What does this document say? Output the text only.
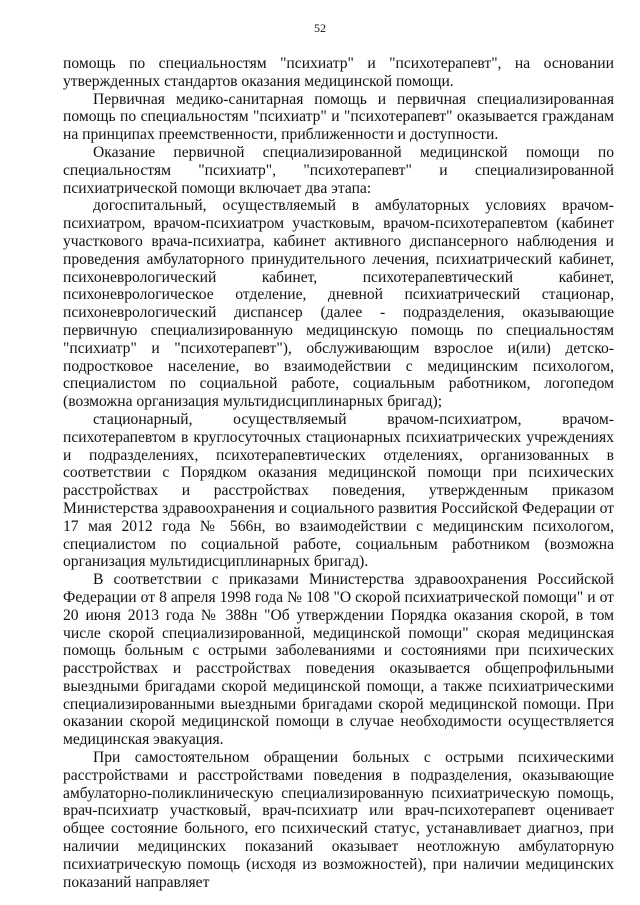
52

помощь по специальностям "психиатр" и "психотерапевт", на основании утвержденных стандартов оказания медицинской помощи.

Первичная медико-санитарная помощь и первичная специализированная помощь по специальностям "психиатр" и "психотерапевт" оказывается гражданам на принципах преемственности, приближенности и доступности.

Оказание первичной специализированной медицинской помощи по специальностям "психиатр", "психотерапевт" и специализированной психиатрической помощи включает два этапа:

догоспитальный, осуществляемый в амбулаторных условиях врачом-психиатром, врачом-психиатром участковым, врачом-психотерапевтом (кабинет участкового врача-психиатра, кабинет активного диспансерного наблюдения и проведения амбулаторного принудительного лечения, психиатрический кабинет, психоневрологический кабинет, психотерапевтический кабинет, психоневрологическое отделение, дневной психиатрический стационар, психоневрологический диспансер (далее - подразделения, оказывающие первичную специализированную медицинскую помощь по специальностям "психиатр" и "психотерапевт"), обслуживающим взрослое и(или) детско-подростковое население, во взаимодействии с медицинским психологом, специалистом по социальной работе, социальным работником, логопедом (возможна организация мультидисциплинарных бригад);

стационарный, осуществляемый врачом-психиатром, врачом-психотерапевтом в круглосуточных стационарных психиатрических учреждениях и подразделениях, психотерапевтических отделениях, организованных в соответствии с Порядком оказания медицинской помощи при психических расстройствах и расстройствах поведения, утвержденным приказом Министерства здравоохранения и социального развития Российской Федерации от 17 мая 2012 года № 566н, во взаимодействии с медицинским психологом, специалистом по социальной работе, социальным работником (возможна организация мультидисциплинарных бригад).

В соответствии с приказами Министерства здравоохранения Российской Федерации от 8 апреля 1998 года № 108 "О скорой психиатрической помощи" и от 20 июня 2013 года № 388н "Об утверждении Порядка оказания скорой, в том числе скорой специализированной, медицинской помощи" скорая медицинская помощь больным с острыми заболеваниями и состояниями при психических расстройствах и расстройствах поведения оказывается общепрофильными выездными бригадами скорой медицинской помощи, а также психиатрическими специализированными выездными бригадами скорой медицинской помощи. При оказании скорой медицинской помощи в случае необходимости осуществляется медицинская эвакуация.

При самостоятельном обращении больных с острыми психическими расстройствами и расстройствами поведения в подразделения, оказывающие амбулаторно-поликлиническую специализированную психиатрическую помощь, врач-психиатр участковый, врач-психиатр или врач-психотерапевт оценивает общее состояние больного, его психический статус, устанавливает диагноз, при наличии медицинских показаний оказывает неотложную амбулаторную психиатрическую помощь (исходя из возможностей), при наличии медицинских показаний направляет
